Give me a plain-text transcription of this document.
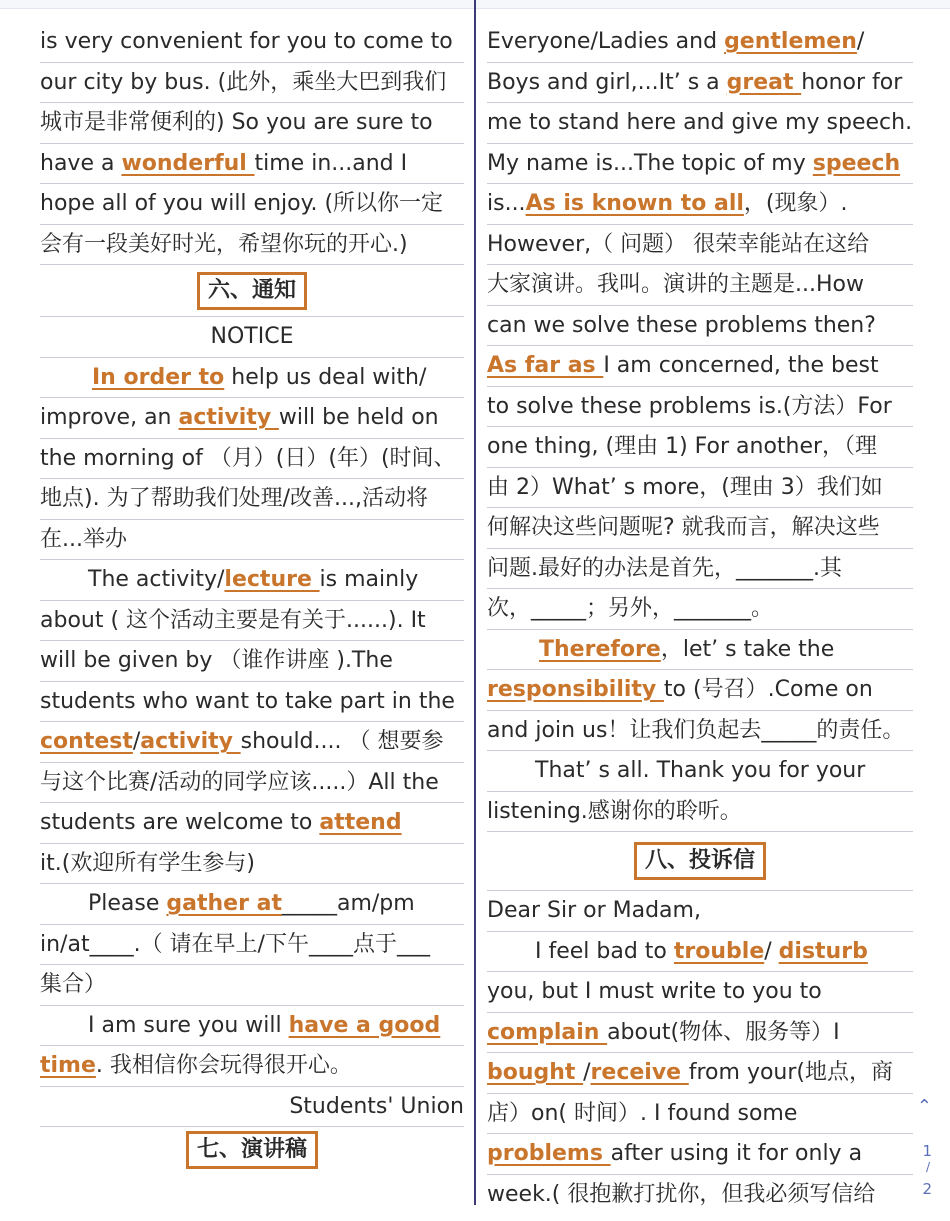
is very convenient for you to come to
our city by bus. (此外，乘坐大巴到我们
城市是非常便利的) So you are sure to
have a wonderful time in...and I
hope all of you will enjoy. (所以你一定
会有一段美好时光，希望你玩的开心.)
六、通知
NOTICE
In order to help us deal with/
improve, an activity will be held on
the morning of （月）(日）(年）(时间、
地点). 为了帮助我们处理/改善...,活动将
在...举办
The activity/lecture is mainly
about ( 这个活动主要是有关于......). It
will be given by （谁作讲座 ).The
students who want to take part in the
contest/activity should.... （ 想要参
与这个比赛/活动的同学应该.....）All the
students are welcome to attend
it.(欢迎所有学生参与)
Please gather at_____am/pm
in/at____.（ 请在早上/下午____点于___
集合）
I am sure you will have a good
time. 我相信你会玩得很开心。
Students' Union
七、演讲稿
Everyone/Ladies and gentlemen/
Boys and girl,...It’ s a great honor for
me to stand here and give my speech.
My name is...The topic of my speech
is...As is known to all，(现象）.
However,（ 问题） 很荣幸能站在这给
大家演讲。我叫。演讲的主题是...How
can we solve these problems then?
As far as I am concerned, the best
to solve these problems is.(方法）For
one thing, (理由 1) For another，（理
由 2）What’ s more，(理由 3）我们如
何解决这些问题呢? 就我而言，解决这些
问题.最好的办法是首先，_______.其
次，_____；另外，_______。
Therefore，let’ s take the
responsibility to (号召）.Come on
and join us！让我们负起去_____的责任。
That’ s all. Thank you for your
listening.感谢你的聆听。
八、投诉信
Dear Sir or Madam,
I feel bad to trouble/ disturb
you, but I must write to you to
complain about(物体、服务等）I
bought /receive from your(地点，商
店）on( 时间）. I found some
problems after using it for only a
week.( 很抱歉打扰你，但我必须写信给
⌃
1
/
2
